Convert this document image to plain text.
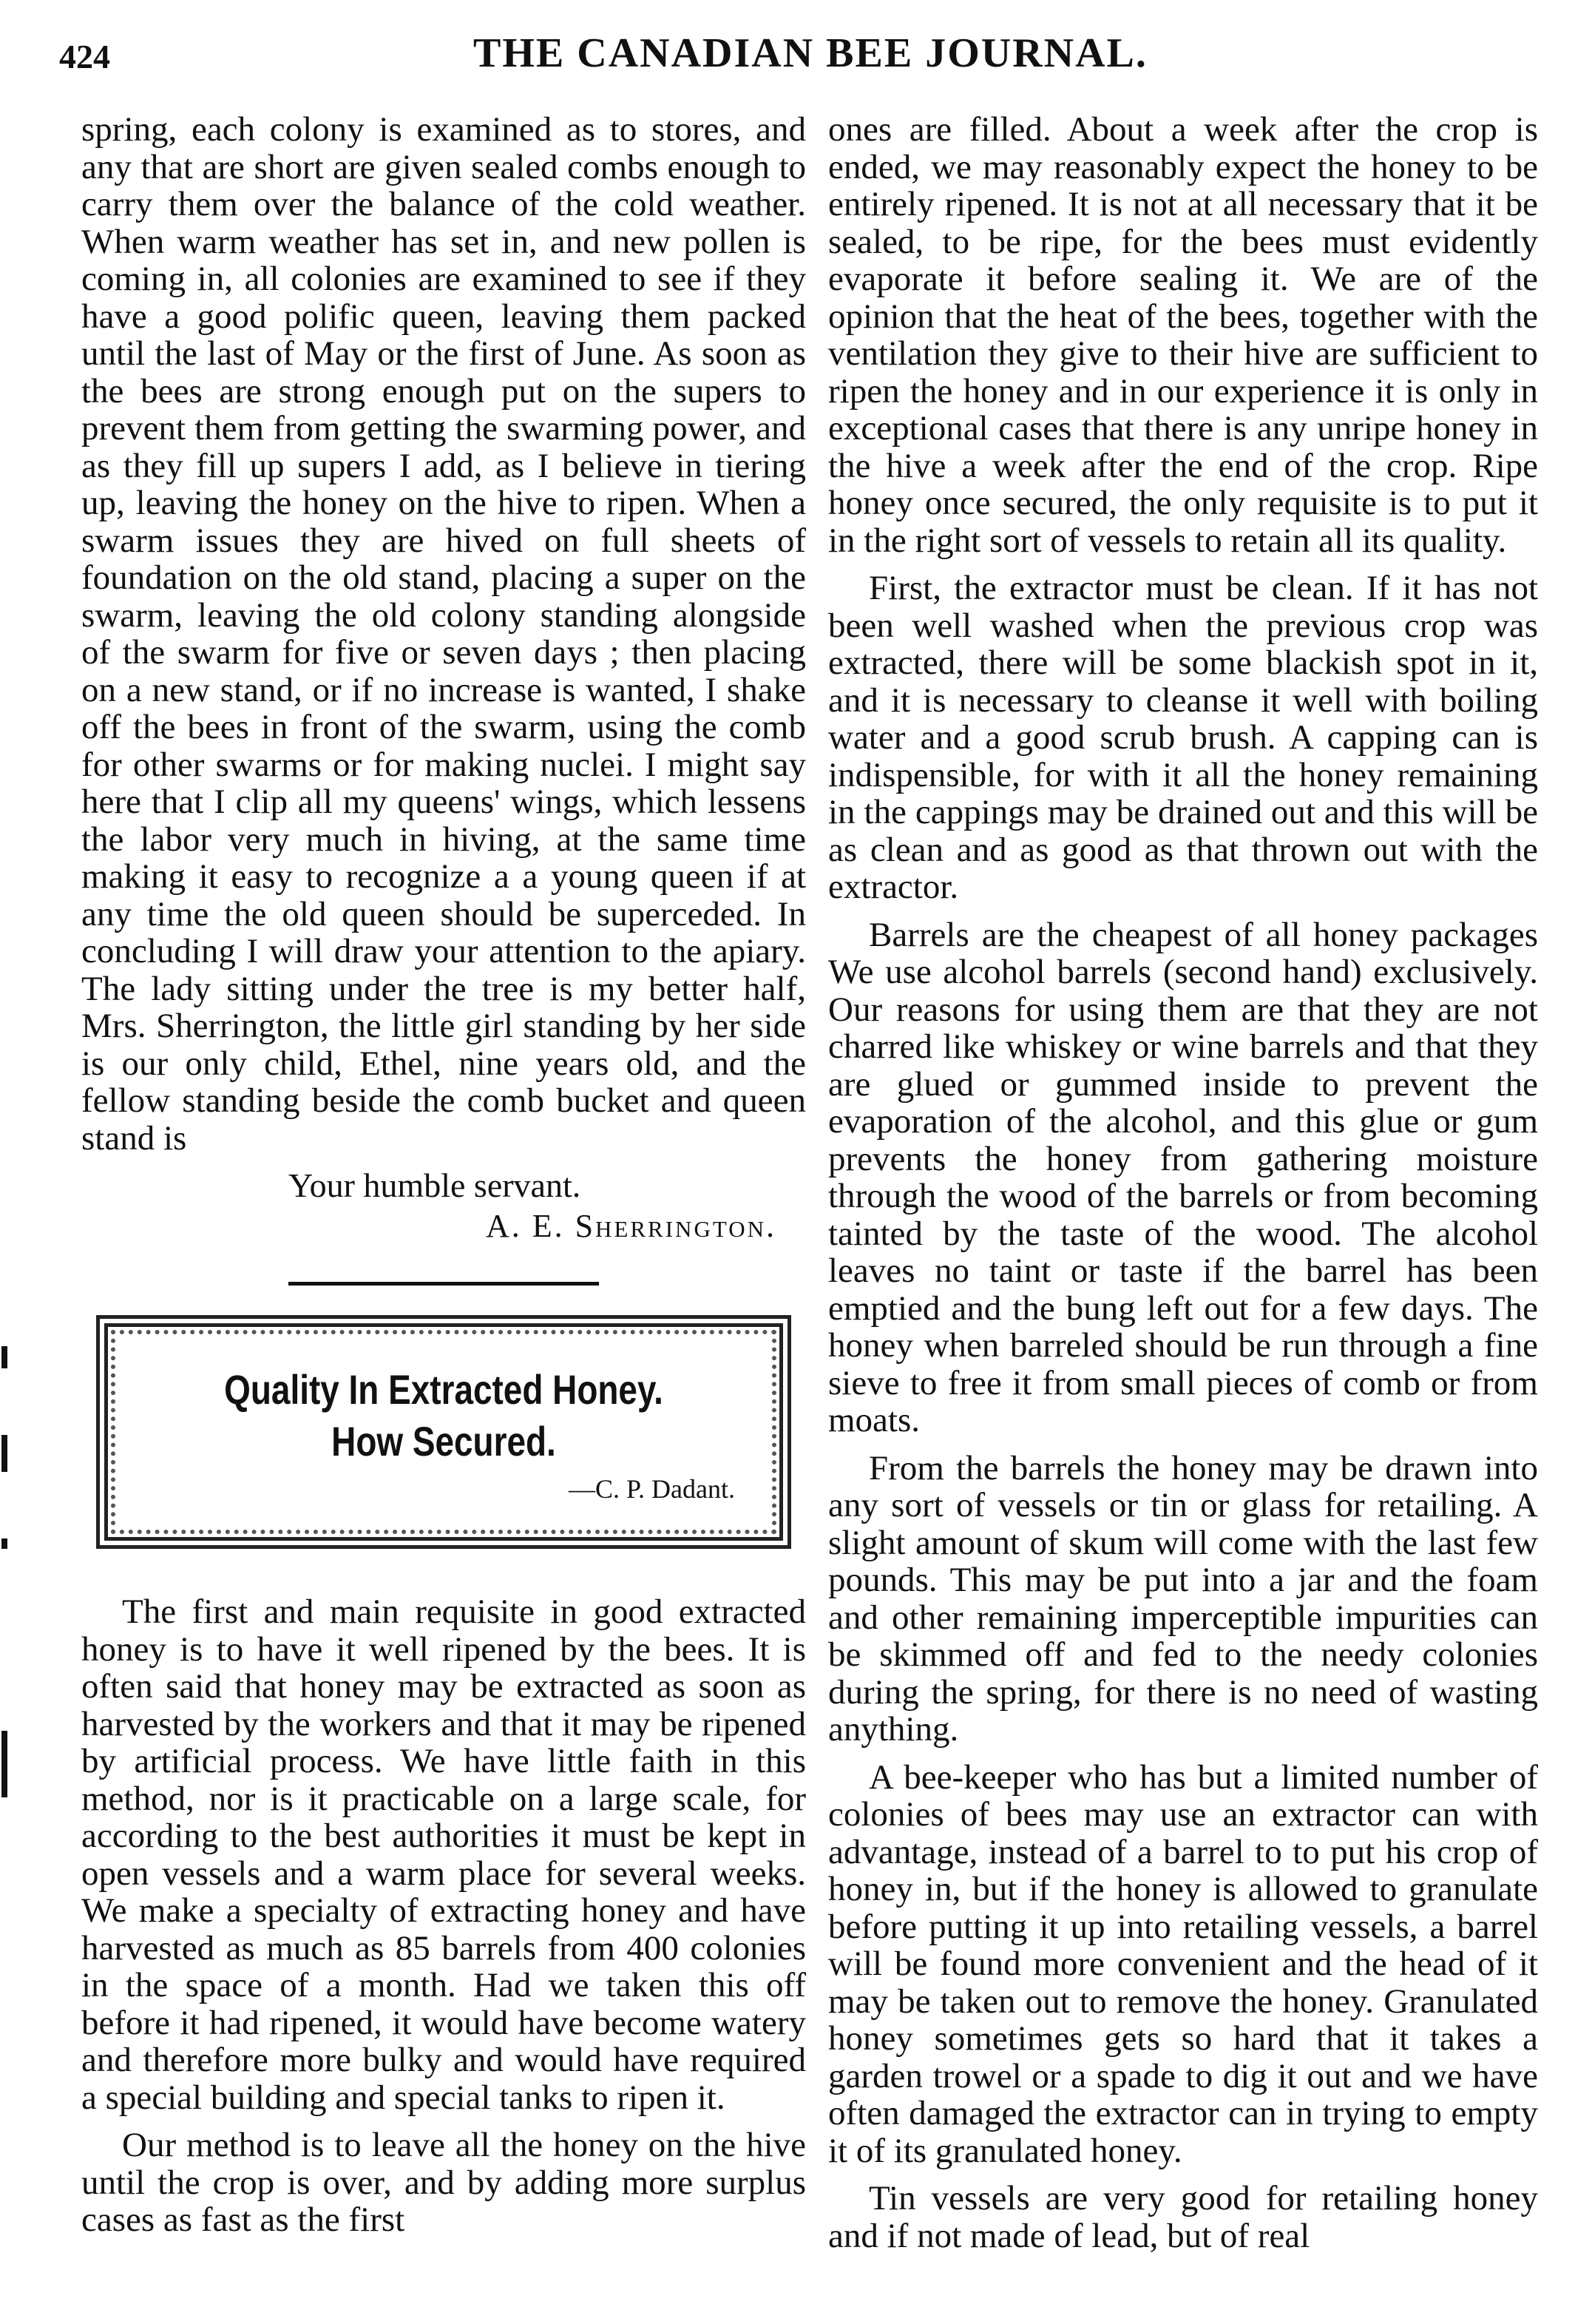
424	THE CANADIAN BEE JOURNAL.

spring, each colony is examined as to stores, and any that are short are given sealed combs enough to carry them over the balance of the cold weather. When warm weather has set in, and new pollen is coming in, all colonies are examined to see if they have a good polific queen, leaving them packed until the last of May or the first of June. As soon as the bees are strong enough put on the supers to prevent them from getting the swarming power, and as they fill up supers I add, as I believe in tiering up, leaving the honey on the hive to ripen. When a swarm issues they are hived on full sheets of foundation on the old stand, placing a super on the swarm, leaving the old colony standing alongside of the swarm for five or seven days ; then placing on a new stand, or if no increase is wanted, I shake off the bees in front of the swarm, using the comb for other swarms or for making nuclei. I might say here that I clip all my queens' wings, which lessens the labor very much in hiving, at the same time making it easy to recognize a a young queen if at any time the old queen should be superceded. In concluding I will draw your attention to the apiary. The lady sitting under the tree is my better half, Mrs. Sherrington, the little girl standing by her side is our only child, Ethel, nine years old, and the fellow standing beside the comb bucket and queen stand is

Your humble servant.
A. E. Sherrington.
Quality In Extracted Honey.
How Secured.
—C. P. Dadant.

The first and main requisite in good extracted honey is to have it well ripened by the bees. It is often said that honey may be extracted as soon as harvested by the workers and that it may be ripened by artificial process. We have little faith in this method, nor is it practicable on a large scale, for according to the best authorities it must be kept in open vessels and a warm place for several weeks. We make a specialty of extracting honey and have harvested as much as 85 barrels from 400 colonies in the space of a month. Had we taken this off before it had ripened, it would have become watery and therefore more bulky and would have required a special building and special tanks to ripen it.

Our method is to leave all the honey on the hive until the crop is over, and by adding more surplus cases as fast as the first

ones are filled. About a week after the crop is ended, we may reasonably expect the honey to be entirely ripened. It is not at all necessary that it be sealed, to be ripe, for the bees must evidently evaporate it before sealing it. We are of the opinion that the heat of the bees, together with the ventilation they give to their hive are sufficient to ripen the honey and in our experience it is only in exceptional cases that there is any unripe honey in the hive a week after the end of the crop. Ripe honey once secured, the only requisite is to put it in the right sort of vessels to retain all its quality.

First, the extractor must be clean. If it has not been well washed when the previous crop was extracted, there will be some blackish spot in it, and it is necessary to cleanse it well with boiling water and a good scrub brush. A capping can is indispensible, for with it all the honey remaining in the cappings may be drained out and this will be as clean and as good as that thrown out with the extractor.

Barrels are the cheapest of all honey packages We use alcohol barrels (second hand) exclusively. Our reasons for using them are that they are not charred like whiskey or wine barrels and that they are glued or gummed inside to prevent the evaporation of the alcohol, and this glue or gum prevents the honey from gathering moisture through the wood of the barrels or from becoming tainted by the taste of the wood. The alcohol leaves no taint or taste if the barrel has been emptied and the bung left out for a few days. The honey when barreled should be run through a fine sieve to free it from small pieces of comb or from moats.

From the barrels the honey may be drawn into any sort of vessels or tin or glass for retailing. A slight amount of skum will come with the last few pounds. This may be put into a jar and the foam and other remaining imperceptible impurities can be skimmed off and fed to the needy colonies during the spring, for there is no need of wasting anything.

A bee-keeper who has but a limited number of colonies of bees may use an extractor can with advantage, instead of a barrel to to put his crop of honey in, but if the honey is allowed to granulate before putting it up into retailing vessels, a barrel will be found more convenient and the head of it may be taken out to remove the honey. Granulated honey sometimes gets so hard that it takes a garden trowel or a spade to dig it out and we have often damaged the extractor can in trying to empty it of its granulated honey.

Tin vessels are very good for retailing honey and if not made of lead, but of real
